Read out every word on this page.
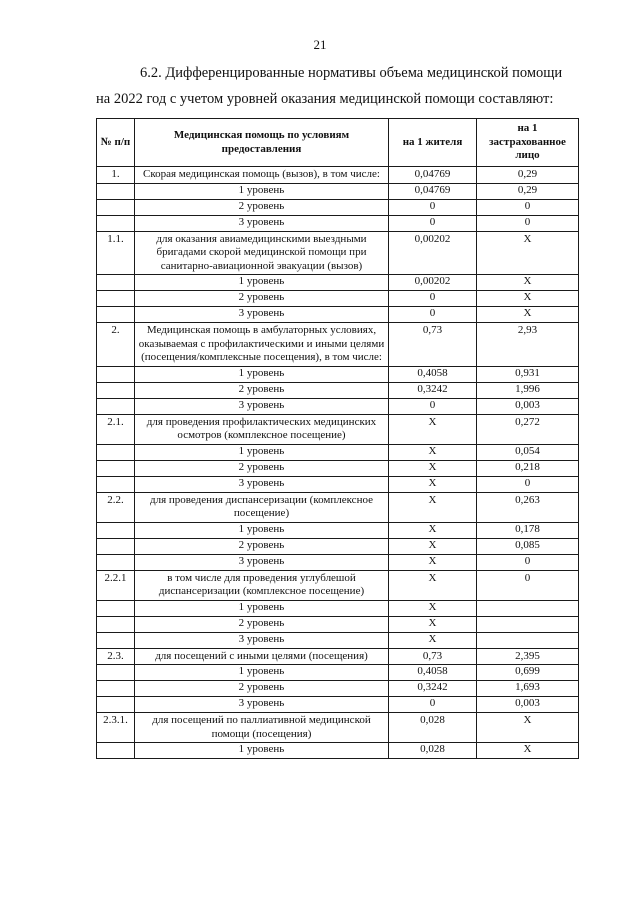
21
6.2. Дифференцированные нормативы объема медицинской помощи
на 2022 год с учетом уровней оказания медицинской помощи составляют:
№ п/п	Медицинская помощь по условиям предоставления	на 1 жителя	на 1 застрахованное лицо
1.	Скорая медицинская помощь (вызов), в том числе:	0,04769	0,29
	1 уровень	0,04769	0,29
	2 уровень	0	0
	3 уровень	0	0
1.1.	для оказания авиамедицинскими выездными бригадами скорой медицинской помощи при санитарно-авиационной эвакуации (вызов)	0,00202	X
	1 уровень	0,00202	X
	2 уровень	0	X
	3 уровень	0	X
2.	Медицинская помощь в амбулаторных условиях, оказываемая с профилактическими и иными целями (посещения/комплексные посещения), в том числе:	0,73	2,93
	1 уровень	0,4058	0,931
	2 уровень	0,3242	1,996
	3 уровень	0	0,003
2.1.	для проведения профилактических медицинских осмотров (комплексное посещение)	X	0,272
	1 уровень	X	0,054
	2 уровень	X	0,218
	3 уровень	X	0
2.2.	для проведения диспансеризации (комплексное посещение)	X	0,263
	1 уровень	X	0,178
	2 уровень	X	0,085
	3 уровень	X	0
2.2.1	в том числе для проведения углублешой диспансеризации (комплексное посещение)	X	0
	1 уровень	X	
	2 уровень	X	
	3 уровень	X	
2.3.	для посещений с иными целями (посещения)	0,73	2,395
	1 уровень	0,4058	0,699
	2 уровень	0,3242	1,693
	3 уровень	0	0,003
2.3.1.	для посещений по паллиативной медицинской помощи (посещения)	0,028	X
	1 уровень	0,028	X
